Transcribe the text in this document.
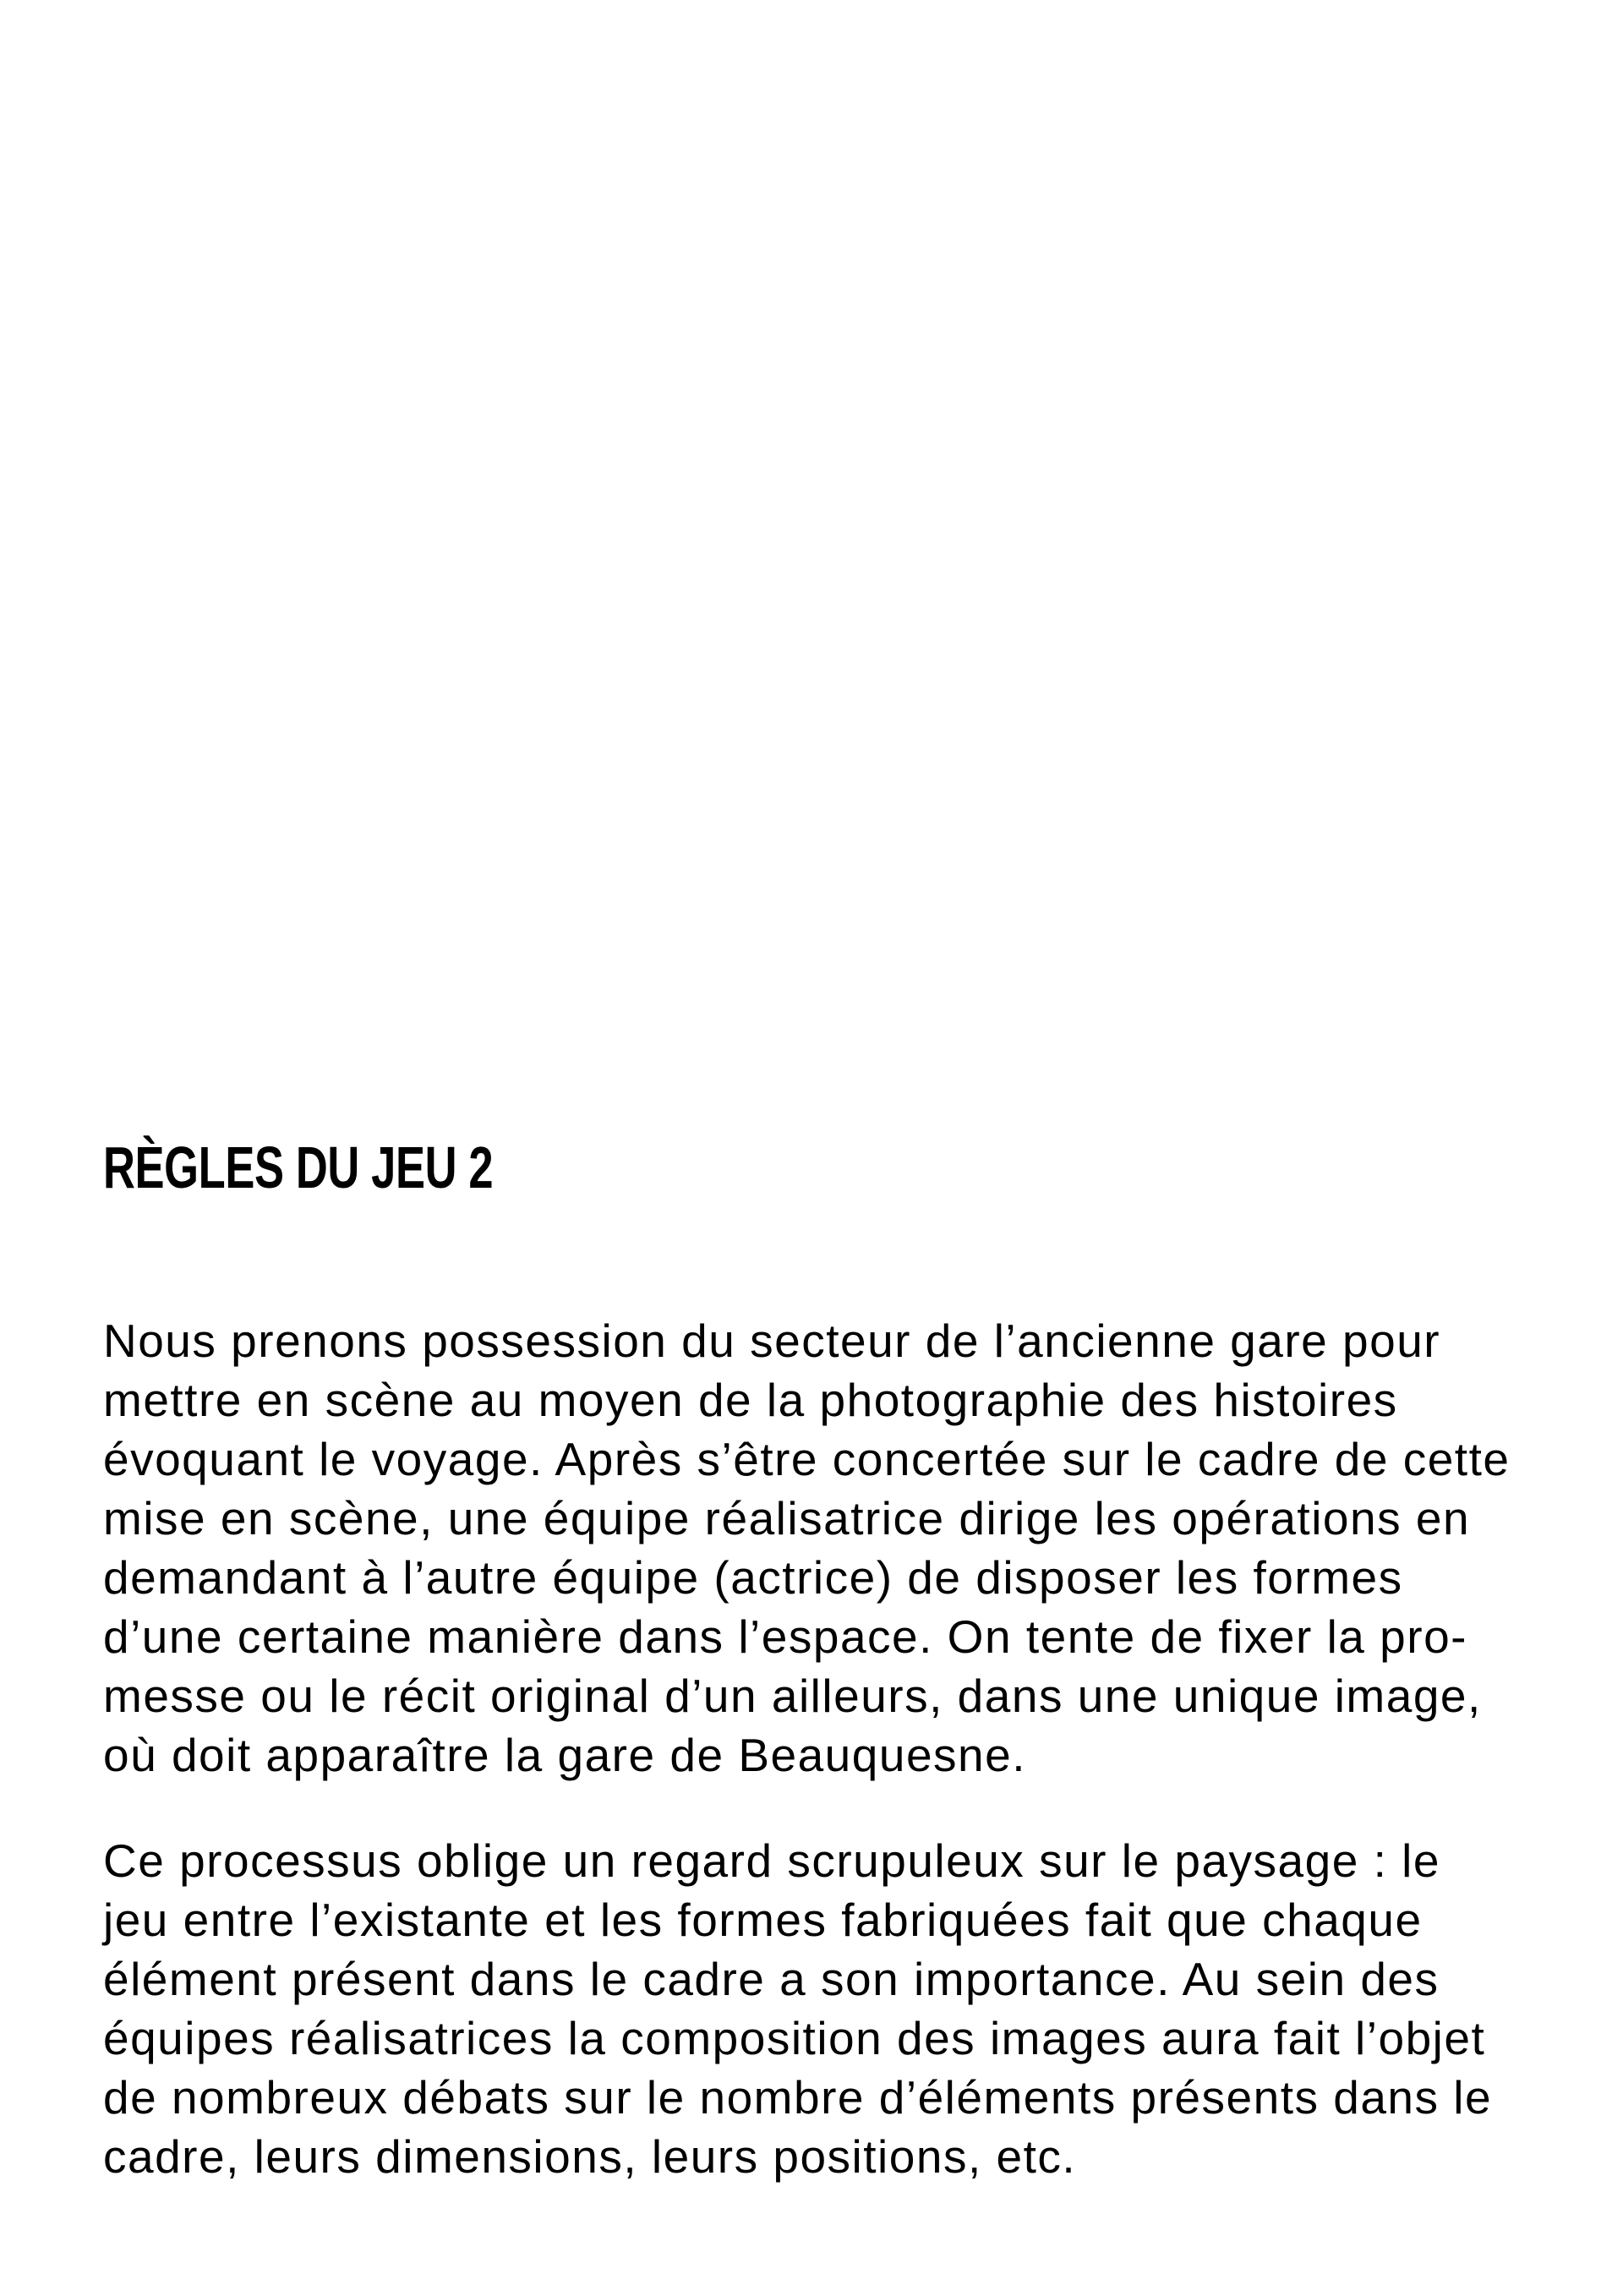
RÈGLES DU JEU 2
Nous prenons possession du secteur de l’ancienne gare pour
mettre en scène au moyen de la photographie des histoires
évoquant le voyage. Après s’être concertée sur le cadre de cette
mise en scène, une équipe réalisatrice dirige les opérations en
demandant à l’autre équipe (actrice) de disposer les formes
d’une certaine manière dans l’espace. On tente de fixer la pro-
messe ou le récit original d’un ailleurs, dans une unique image,
où doit apparaître la gare de Beauquesne.
Ce processus oblige un regard scrupuleux sur le paysage : le
jeu entre l’existante et les formes fabriquées fait que chaque
élément présent dans le cadre a son importance. Au sein des
équipes réalisatrices la composition des images aura fait l’objet
de nombreux débats sur le nombre d’éléments présents dans le
cadre, leurs dimensions, leurs positions, etc.
